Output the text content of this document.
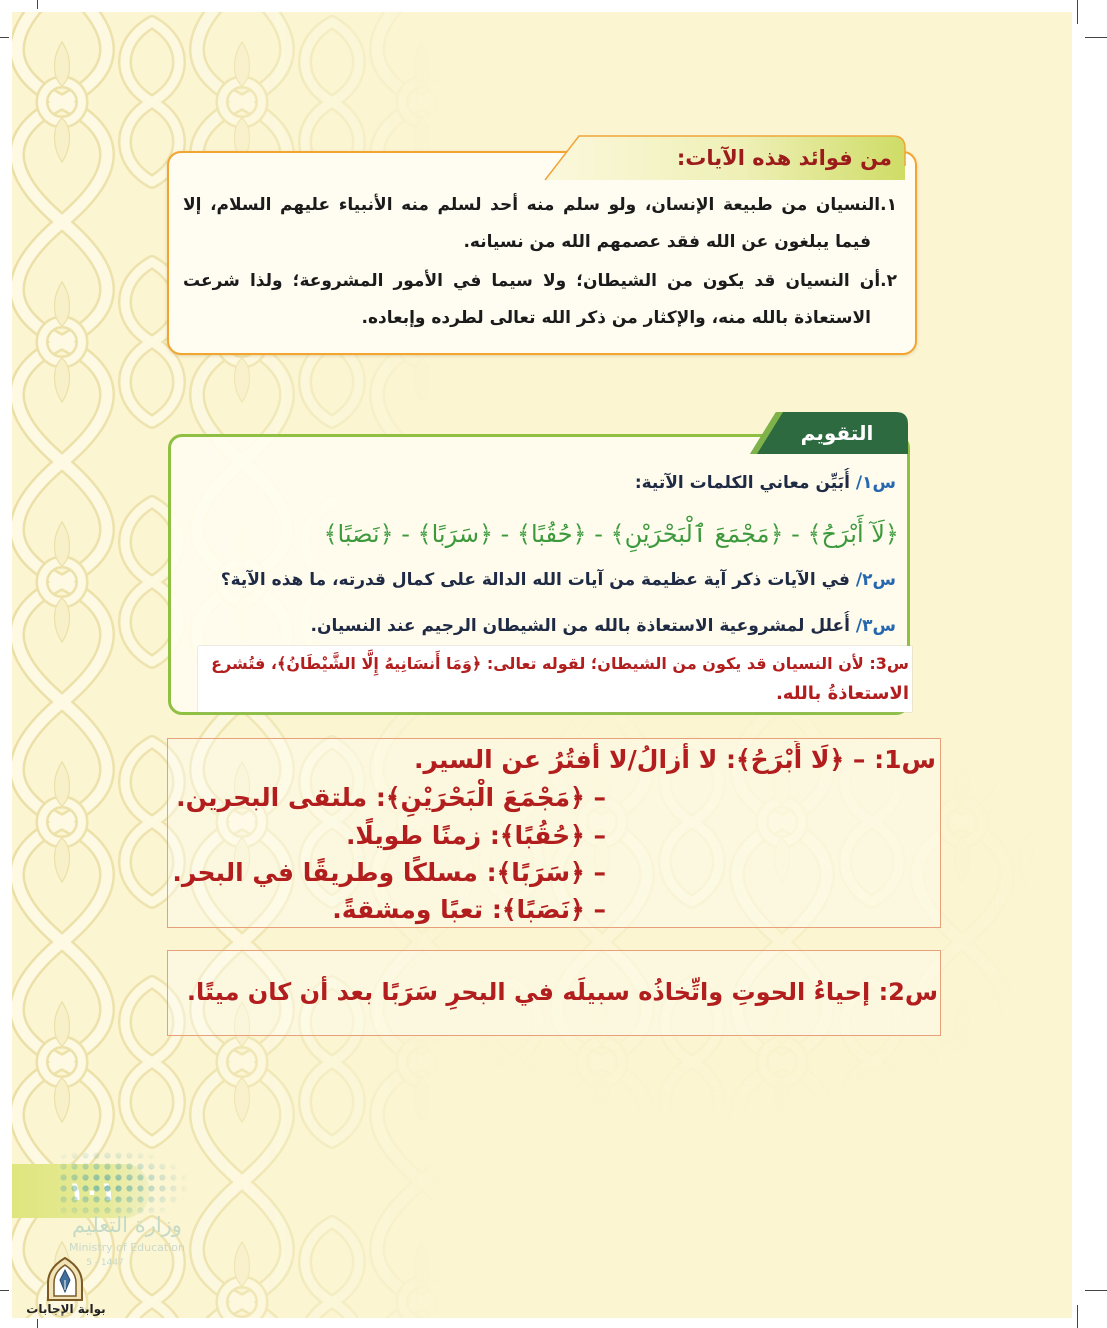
من فوائد هذه الآيات:

١.النسيان من طبيعة الإنسان، ولو سلم منه أحد لسلم منه الأنبياء عليهم السلام، إلا فيما يبلغون عن الله فقد عصمهم الله من نسيانه.

٢.أن النسيان قد يكون من الشيطان؛ ولا سيما في الأمور المشروعة؛ ولذا شرعت الاستعاذة بالله منه، والإكثار من ذكر الله تعالى لطرده وإبعاده.

التقويم
س١/أُبَيِّن معاني الكلمات الآتية:
﴿لَآ أَبْرَحُ﴾ - ﴿مَجْمَعَ ٱلْبَحْرَيْنِ﴾ - ﴿حُقُبًا﴾ - ﴿سَرَبًا﴾ - ﴿نَصَبًا﴾
س٢/في الآيات ذكر آية عظيمة من آيات الله الدالة على كمال قدرته، ما هذه الآية؟
س٣/أُعلل لمشروعية الاستعاذة بالله من الشيطان الرجيم عند النسيان.
س3: لأن النسيان قد يكون من الشيطان؛ لقوله تعالى: ﴿وَمَا أَنسَانِيهُ إِلَّا الشَّيْطَانُ﴾، فتُشرع
الاستعاذةُ بالله.
س1: – ﴿لَا أَبْرَحُ﴾: لا أزالُ/لا أفتُرُ عن السير.
– ﴿مَجْمَعَ الْبَحْرَيْنِ﴾: ملتقى البحرين.
– ﴿حُقُبًا﴾: زمنًا طويلًا.
– ﴿سَرَبًا﴾: مسلكًا وطريقًا في البحر.
– ﴿نَصَبًا﴾: تعبًا ومشقةً.
س2: إحياءُ الحوتِ واتِّخاذُه سبيلَه في البحرِ سَرَبًا بعد أن كان ميتًا.
وزارة التعليم
Ministry of Education
5 - 1447
بوابة الإجابات
